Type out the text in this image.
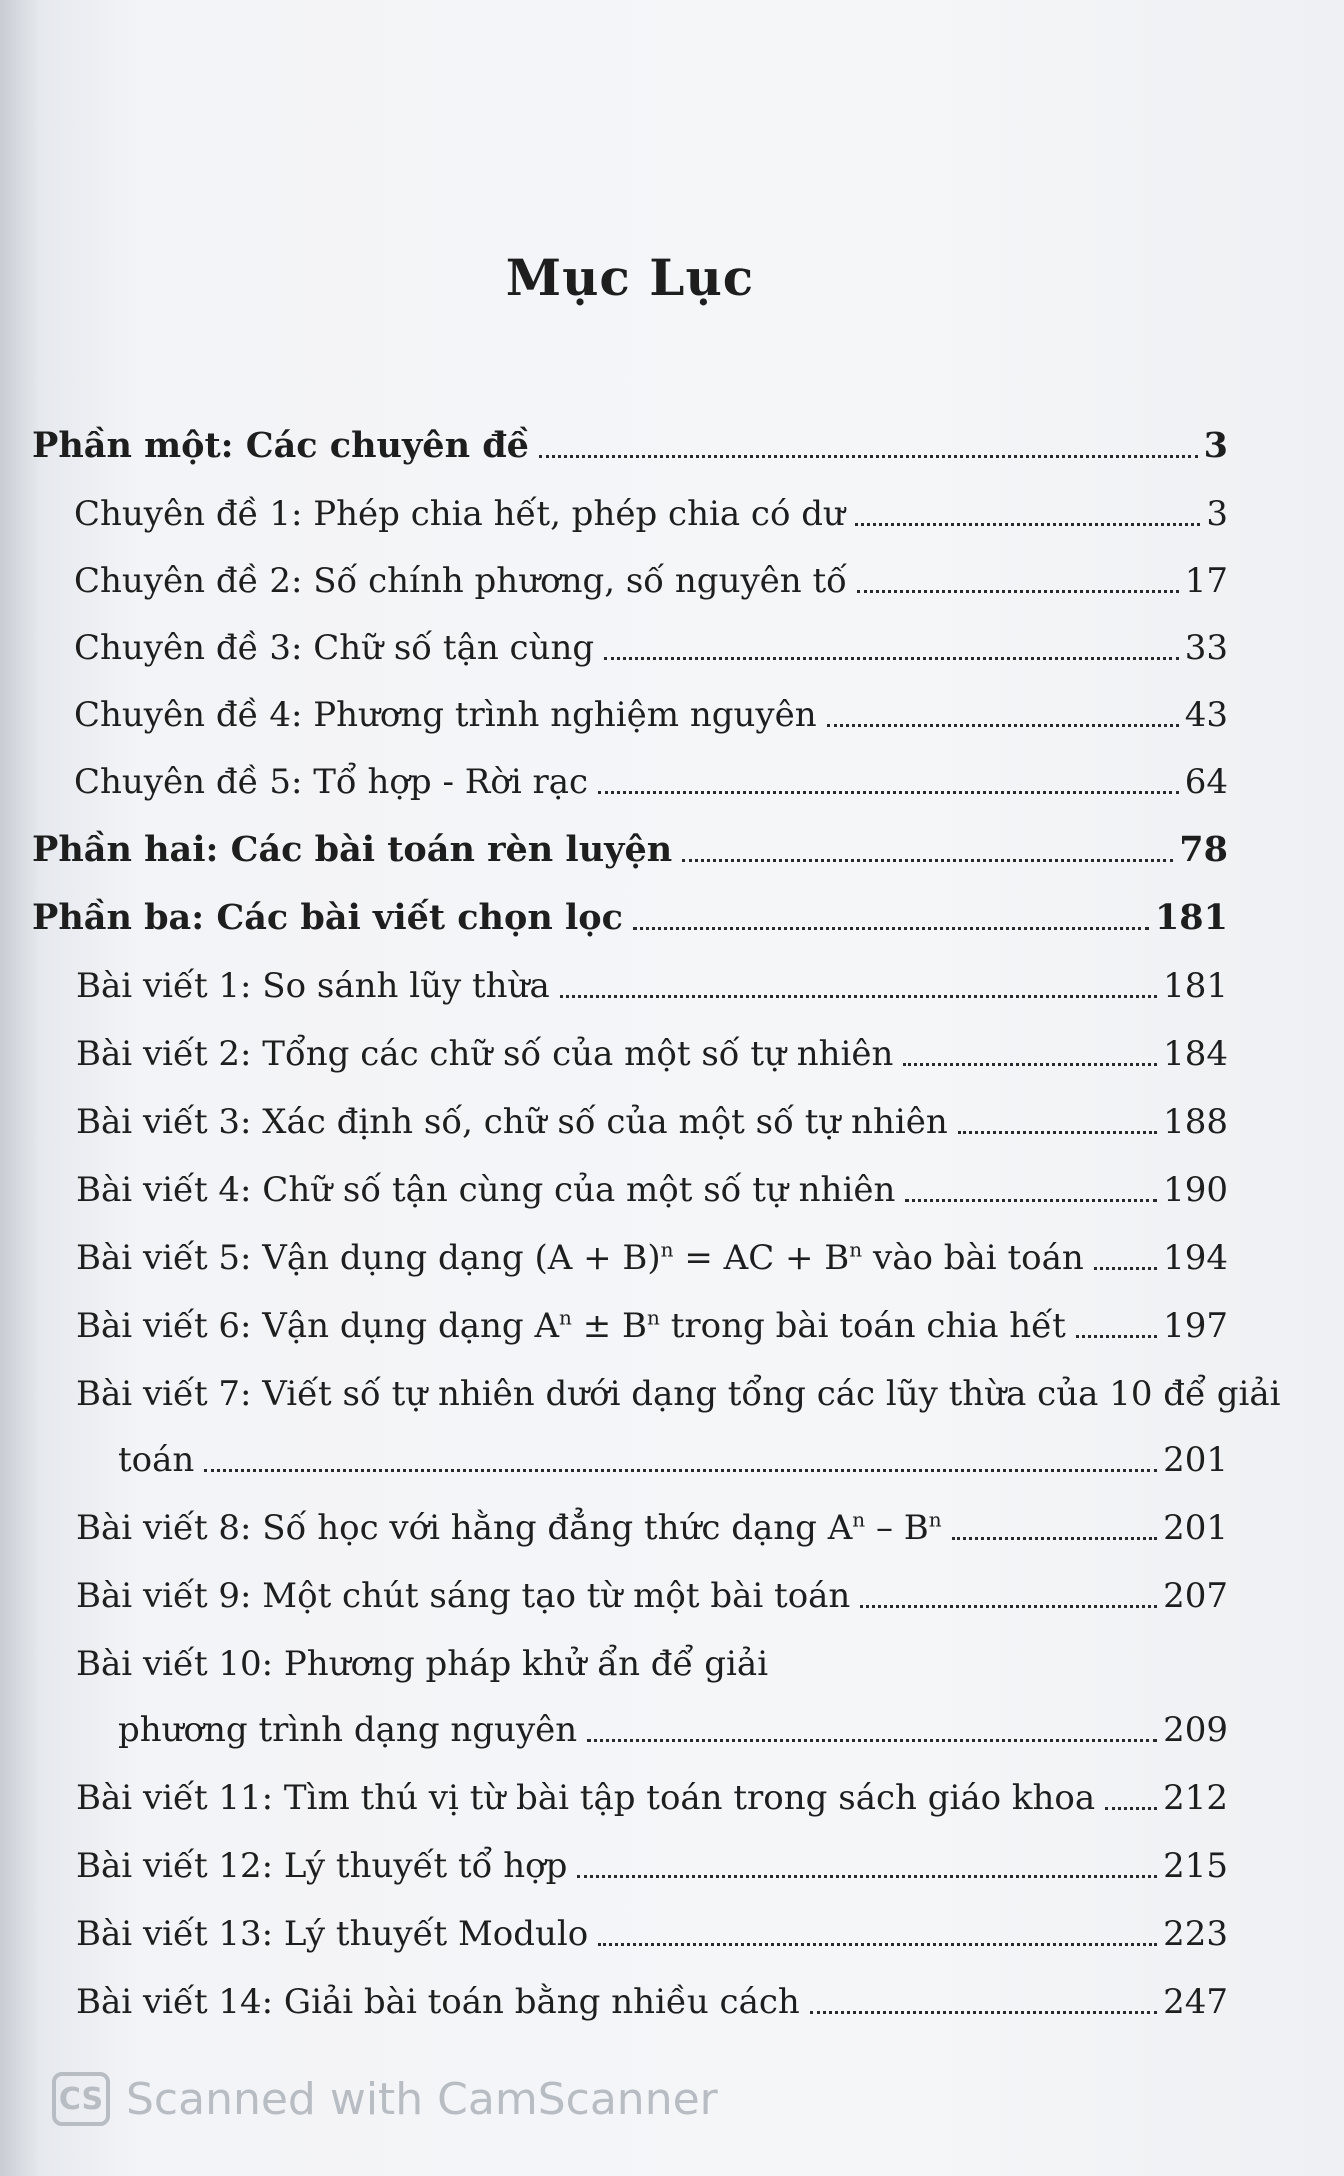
Mục Lục
Phần một: Các chuyên đề	3
Chuyên đề 1: Phép chia hết, phép chia có dư	3
Chuyên đề 2: Số chính phương, số nguyên tố	17
Chuyên đề 3: Chữ số tận cùng	33
Chuyên đề 4: Phương trình nghiệm nguyên	43
Chuyên đề 5: Tổ hợp - Rời rạc	64
Phần hai: Các bài toán rèn luyện	78
Phần ba: Các bài viết chọn lọc	181
Bài viết 1: So sánh lũy thừa	181
Bài viết 2: Tổng các chữ số của một số tự nhiên	184
Bài viết 3: Xác định số, chữ số của một số tự nhiên	188
Bài viết 4: Chữ số tận cùng của một số tự nhiên	190
Bài viết 5: Vận dụng dạng $(A + B)^n$ = AC + $B^n$ vào bài toán 194
Bài viết 6: Vận dụng dạng $A^n \pm B^n$ trong bài toán chia hết	197
Bài viết 7: Viết số tự nhiên dưới dạng tổng các lũy thừa của 10 để giải
toán	201
Bài viết 8: Số học với hằng đẳng thức dạng $A^n - B^n$	201
Bài viết 9: Một chút sáng tạo từ một bài toán	207
Bài viết 10: Phương pháp khử ẩn để giải
phương trình dạng nguyên	209
Bài viết 11: Tìm thú vị từ bài tập toán trong sách giáo khoa 212
Bài viết 12: Lý thuyết tổ hợp	215
Bài viết 13: Lý thuyết Modulo	223
Bài viết 14: Giải bài toán bằng nhiều cách	247
CS Scanned with CamScanner
